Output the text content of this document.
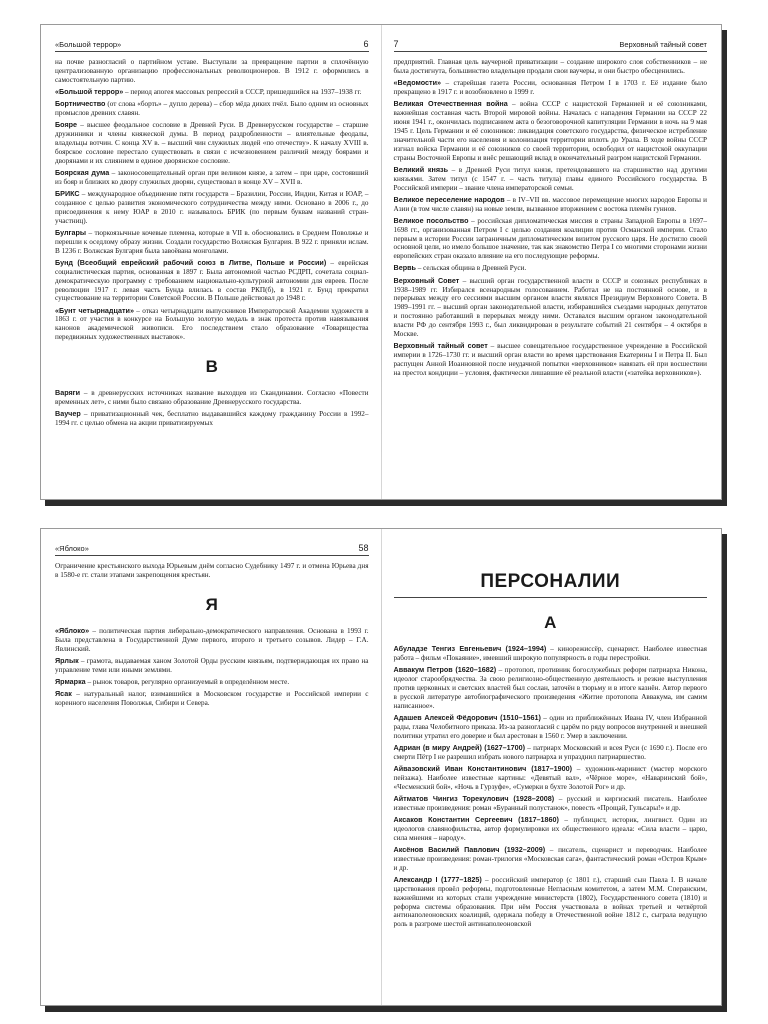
«Большой террор»	6

на почве разногласий о партийном уставе. Выступали за превращение партии в сплочённую централизованную организацию профессиональных революционеров. В 1912 г. оформились в самостоятельную партию.

«Большой террор» – период апогея массовых репрессий в СССР, пришедшийся на 1937–1938 гг.

Бортничество (от слова «борть» – дупло дерева) – сбор мёда диких пчёл. Было одним из основных промыслов древних славян.

Бояре – высшее феодальное сословие в Древней Руси. В Древнерусском государстве – старшие дружинники и члены княжеской думы. В период раздробленности – влиятельные феодалы, владельцы вотчин. С конца XV в. – высший чин служилых людей «по отечеству». К началу XVIII в. боярское сословие перестало существовать в связи с исчезновением различий между боярами и дворянами и их слиянием в единое дворянское сословие.

Боярская дума – законосовещательный орган при великом князе, а затем – при царе, состоявший из бояр и близких ко двору служилых дворян, существовал в конце XV – XVII в.

БРИКС – международное объединение пяти государств – Бразилии, России, Индии, Китая и ЮАР, – созданное с целью развития экономического сотрудничества между ними. Основано в 2006 г., до присоединения к нему ЮАР в 2010 г. называлось БРИК (по первым буквам названий стран-участниц).

Булгары – тюркоязычные кочевые племена, которые в VII в. обосновались в Среднем Поволжье и перешли к оседлому образу жизни. Создали государство Волжская Булгария. В 922 г. приняли ислам. В 1236 г. Волжская Булгария была завоёвана монголами.

Бунд (Всеобщий еврейский рабочий союз в Литве, Польше и России) – еврейская социалистическая партия, основанная в 1897 г. Была автономной частью РСДРП, сочетала социал-демократическую программу с требованием национально-культурной автономии для евреев. После революции 1917 г. левая часть Бунда влилась в состав РКП(б), в 1921 г. Бунд прекратил существование на территории Советской России. В Польше действовал до 1948 г.

«Бунт четырнадцати» – отказ четырнадцати выпускников Императорской Академии художеств в 1863 г. от участия в конкурсе на Большую золотую медаль в знак протеста против навязывания канонов академической живописи. Его последствием стало образование «Товарищества передвижных художественных выставок».

В

Варяги – в древнерусских источниках название выходцев из Скандинавии. Согласно «Повести временных лет», с ними было связано образование Древнерусского государства.

Ваучер – приватизационный чек, бесплатно выдававшийся каждому гражданину России в 1992–1994 гг. с целью обмена на акции приватизируемых

7	Верховный тайный совет

предприятий. Главная цель ваучерной приватизации – создание широкого слоя собственников – не была достигнута, большинство владельцев продали свои ваучеры, и они быстро обесценились.

«Ведомости» – старейшая газета России, основанная Петром I в 1703 г. Её издание было прекращено в 1917 г. и возобновлено в 1999 г.

Великая Отечественная война – война СССР с нацистской Германией и её союзниками, важнейшая составная часть Второй мировой войны. Началась с нападения Германии на СССР 22 июня 1941 г., окончилась подписанием акта о безоговорочной капитуляции Германии в ночь на 9 мая 1945 г. Цель Германии и её союзников: ликвидация советского государства, физическое истребление значительной части его населения и колонизация территории вплоть до Урала. В ходе войны СССР изгнал войска Германии и её союзников со своей территории, освободил от нацистской оккупации страны Восточной Европы и внёс решающий вклад в окончательный разгром нацистской Германии.

Великий князь – в Древней Руси титул князя, претендовавшего на старшинство над другими князьями. Затем титул (с 1547 г. – часть титула) главы единого Российского государства. В Российской империи – звание члена императорской семьи.

Великое переселение народов – в IV–VII вв. массовое перемещение многих народов Европы и Азии (в том числе славян) на новые земли, вызванное вторжением с востока племён гуннов.

Великое посольство – российская дипломатическая миссия в страны Западной Европы в 1697–1698 гг., организованная Петром I с целью создания коалиции против Османской империи. Стало первым в истории России заграничным дипломатическим визитом русского царя. Не достигло своей основной цели, но имело большое значение, так как знакомство Петра I со многими сторонами жизни европейских стран оказало влияние на его последующие реформы.

Вервь – сельская община в Древней Руси.

Верховный Совет – высший орган государственной власти в СССР и союзных республиках в 1938–1989 гг. Избирался всенародным голосованием. Работал не на постоянной основе, и в перерывах между его сессиями высшим органом власти являлся Президиум Верховного Совета. В 1989–1991 гг. – высший орган законодательной власти, избиравшийся съездами народных депутатов и постоянно работавший в перерывах между ними. Оставался высшим органом законодательной власти РФ до сентября 1993 г., был ликвидирован в результате событий 21 сентября – 4 октября в Москве.

Верховный тайный совет – высшее совещательное государственное учреждение в Российской империи в 1726–1730 гг. и высший орган власти во время царствования Екатерины I и Петра II. Был распущен Анной Иоанновной после неудачной попытки «верховников» навязать ей при восшествии на престол кондиции – условия, фактически лишавшие её реальной власти («затейка верховников»).

«Яблоко»	58

Ограничение крестьянского выхода Юрьевым днём согласно Судебнику 1497 г. и отмена Юрьева дня в 1580-е гг. стали этапами закрепощения крестьян.

Я

«Яблоко» – политическая партия либерально-демократического направления. Основана в 1993 г. Была представлена в Государственной Думе первого, второго и третьего созывов. Лидер – Г.А. Явлинский.

Ярлык – грамота, выдаваемая ханом Золотой Орды русским князьям, подтверждающая их право на управление теми или иными землями.

Ярмарка – рынок товаров, регулярно организуемый в определённом месте.

Ясак – натуральный налог, взимавшийся в Московском государстве и Российской империи с коренного населения Поволжья, Сибири и Севера.

ПЕРСОНАЛИИ
А

Абуладзе Тенгиз Евгеньевич (1924–1994) – кинорежиссёр, сценарист. Наиболее известная работа – фильм «Покаяние», имевший широкую популярность в годы перестройки.

Аввакум Петров (1620–1682) – протопоп, противник богослужебных реформ патриарха Никона, идеолог старообрядчества. За свою религиозно-общественную деятельность и резкие выступления против церковных и светских властей был сослан, заточён в тюрьму и в итоге казнён. Автор первого в русской литературе автобиографического произведения «Житие протопопа Аввакума, им самим написанное».

Адашев Алексей Фёдорович (1510–1561) – один из приближённых Ивана IV, член Избранной рады, глава Челобитного приказа. Из-за разногласий с царём по ряду вопросов внутренней и внешней политики утратил его доверие и был арестован в 1560 г. Умер в заключении.

Адриан (в миру Андрей) (1627–1700) – патриарх Московский и всея Руси (с 1690 г.). После его смерти Пётр I не разрешил избрать нового патриарха и упразднил патриаршество.

Айвазовский Иван Константинович (1817–1900) – художник-маринист (мастер морского пейзажа). Наиболее известные картины: «Девятый вал», «Чёрное море», «Наваринский бой», «Чесменский бой», «Ночь в Гурзуфе», «Сумерки в бухте Золотой Рог» и др.

Айтматов Чингиз Торекулович (1928–2008) – русский и киргизский писатель. Наиболее известные произведения: роман «Буранный полустанок», повесть «Прощай, Гульсары!» и др.

Аксаков Константин Сергеевич (1817–1860) – публицист, историк, лингвист. Один из идеологов славянофильства, автор формулировки их общественного идеала: «Сила власти – царю, сила мнения – народу».

Аксёнов Василий Павлович (1932–2009) – писатель, сценарист и переводчик. Наиболее известные произведения: роман-трилогия «Московская сага», фантастический роман «Остров Крым» и др.

Александр I (1777–1825) – российский император (с 1801 г.), старший сын Павла I. В начале царствования провёл реформы, подготовленные Негласным комитетом, а затем М.М. Сперанским, важнейшими из которых стали учреждение министерств (1802), Государственного совета (1810) и реформа системы образования. При нём Россия участвовала в войнах третьей и четвёртой антинаполеоновских коалиций, одержала победу в Отечественной войне 1812 г., сыграла ведущую роль в разгроме шестой антинаполеоновской
